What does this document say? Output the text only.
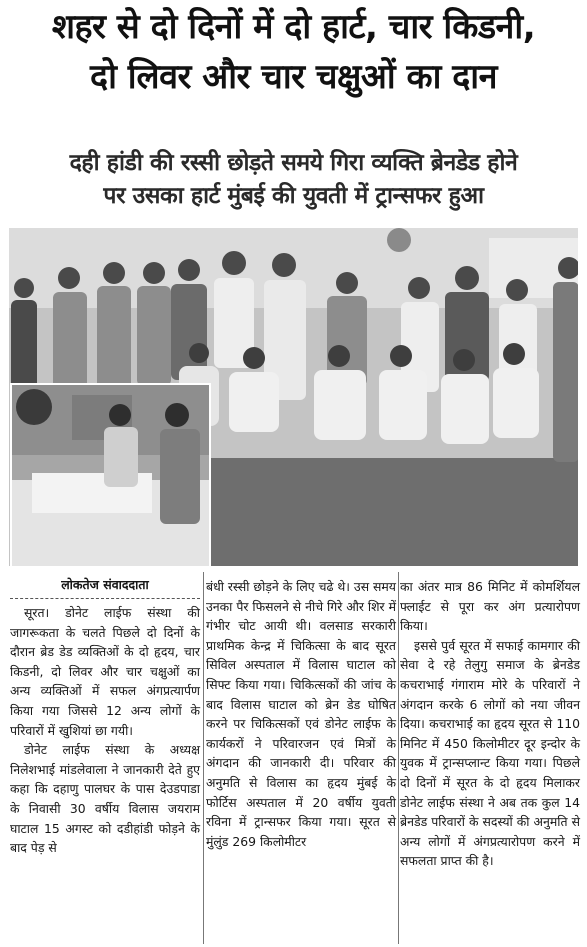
शहर से दो दिनों में दो हार्ट, चार किडनी,
दो लिवर और चार चक्षुओं का दान
दही हांडी की रस्सी छोड़ते समये गिरा व्यक्ति ब्रेनडेड होने
पर उसका हार्ट मुंबई की युवती में ट्रान्सफर हुआ
लोकतेज संवाददाता

सूरत। डोनेट लाईफ संस्था की जागरूकता के चलते पिछले दो दिनों के दौरान ब्रेड डेड व्यक्तिओं के दो हृदय, चार किडनी, दो लिवर और चार चक्षुओं का अन्य व्यक्तिओं में सफल अंगप्रत्यार्पण किया गया जिससे 12 अन्य लोगों के परिवारों में खुशियां छा गयी।

डोनेट लाईफ संस्था के अध्यक्ष निलेशभाई मांडलेवाला ने जानकारी देते हुए कहा कि दहाणु पालघर के पास देउडपाडा के निवासी 30 वर्षीय विलास जयराम घाटाल 15 अगस्ट को दडीहांडी फोड़ने के बाद पेड़ से

बंधी रस्सी छोड़ने के लिए चढे थे। उस समय उनका पैर फिसलने से नीचे गिरे और शिर में गंभीर चोट आयी थी। वलसाड सरकारी प्राथमिक केन्द्र में चिकित्सा के बाद सूरत सिविल अस्पताल में विलास घाटाल को सिफ्ट किया गया। चिकित्सकों की जांच के बाद विलास घाटाल को ब्रेन डेड घोषित करने पर चिकित्सकों एवं डोनेट लाईफ के कार्यकरों ने परिवारजन एवं मित्रों के अंगदान की जानकारी दी। परिवार की अनुमति से विलास का हृदय मुंबई के फोर्टिस अस्पताल में 20 वर्षीय युवती रविना में ट्रान्सफर किया गया। सूरत से मुंलुंड 269 किलोमीटर

का अंतर मात्र 86 मिनिट में कोमर्शियल फ्लाईट से पूरा कर अंग प्रत्यारोपण किया।

इससे पुर्व सूरत में सफाई कामगार की सेवा दे रहे तेलुगु समाज के ब्रेनडेड कचराभाई गंगाराम मोरे के परिवारों ने अंगदान करके 6 लोगों को नया जीवन दिया। कचराभाई का हृदय सूरत से 110 मिनिट में 450 किलोमीटर दूर इन्दोर के युवक में ट्रान्सप्लान्ट किया गया। पिछले दो दिनों में सूरत के दो हृदय मिलाकर डोनेट लाईफ संस्था ने अब तक कुल 14 ब्रेनडेड परिवारों के सदस्यों की अनुमति से अन्य लोगों में अंगप्रत्यारोपण करने में सफलता प्राप्त की है।
